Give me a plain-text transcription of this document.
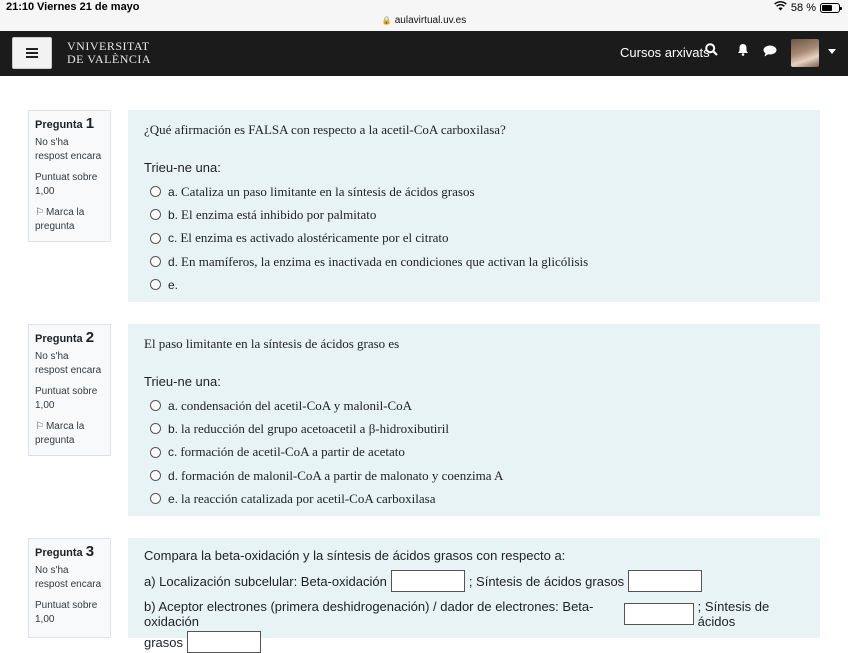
21:10 Viernes 21 de mayo
🔒 aulavirtual.uv.es
58 %
VNIVERSITAT
DE VALÈNCIA	Cursos arxivats
Pregunta 1
No s'ha respost encara
Puntuat sobre 1,00
⚐ Marca la pregunta
¿Qué afirmación es FALSA con respecto a la acetil-CoA carboxilasa?
Trieu-ne una:
a. Cataliza un paso limitante en la síntesis de ácidos grasos
b. El enzima está inhibido por palmitato
c. El enzima es activado alostéricamente por el citrato
d. En mamíferos, la enzima es inactivada en condiciones que activan la glicólisis
e.
Pregunta 2
No s'ha respost encara
Puntuat sobre 1,00
⚐ Marca la pregunta
El paso limitante en la síntesis de ácidos graso es
Trieu-ne una:
a. condensación del acetil-CoA y malonil-CoA
b. la reducción del grupo acetoacetil a β-hidroxibutiril
c. formación de acetil-CoA a partir de acetato
d. formación de malonil-CoA a partir de malonato y coenzima A
e. la reacción catalizada por acetil-CoA carboxilasa
Pregunta 3
No s'ha respost encara
Puntuat sobre 1,00
Compara la beta-oxidación y la síntesis de ácidos grasos con respecto a:
a) Localización subcelular: Beta-oxidación	; Síntesis de ácidos grasos
b) Aceptor electrones (primera deshidrogenación) / dador de electrones: Beta-oxidación
; Síntesis de ácidos
grasos
